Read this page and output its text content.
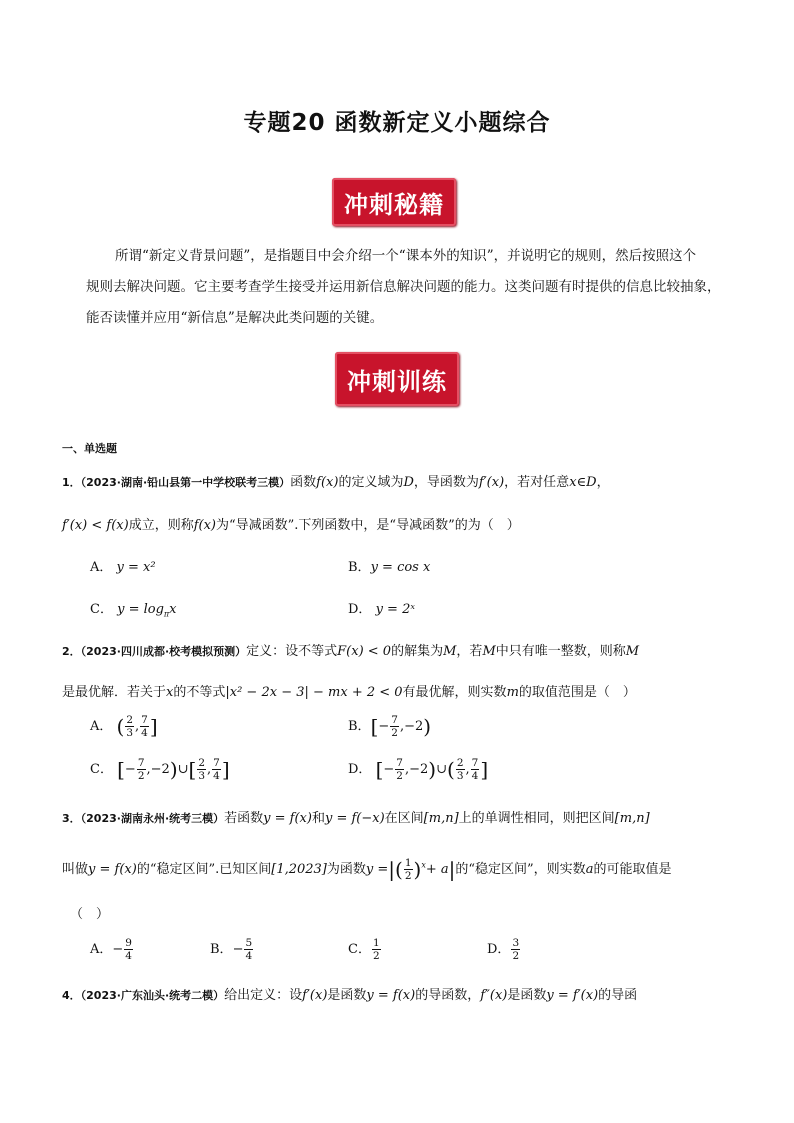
专题20 函数新定义小题综合
冲刺秘籍

所谓“新定义背景问题”，是指题目中会介绍一个“课本外的知识”，并说明它的规则，然后按照这个

规则去解决问题。它主要考查学生接受并运用新信息解决问题的能力。这类问题有时提供的信息比较抽象，

能否读懂并应用“新信息”是解决此类问题的关键。

冲刺训练
一、单选题
1．（2023·湖南·铅山县第一中学校联考三模）函数f(x)的定义域为D，导函数为f′(x)，若对任意x∈D，
f′(x) < f(x)成立，则称f(x)为“导减函数”.下列函数中，是“导减函数”的为（　）
A． y = x²	B．y = cos x
C． $y = \log_\pi x$	D． y = 2ˣ
2．（2023·四川成都·校考模拟预测）定义：设不等式F(x) < 0的解集为M，若M中只有唯一整数，则称M
是最优解．若关于x的不等式|x² − 2x − 3| − mx + 2 < 0有最优解，则实数m的取值范围是（　）
A． ( $\frac{2}{3}$ , $\frac{7}{4}$ ]	B．[− $\frac{7}{2} ,-2$)
C． [− $\frac{7}{2}$ ,−2)∪[ $\frac{2}{3}$ , $\frac{7}{4}$ ]	D． [− $\frac{7}{2}$ ,−2)∪( $\frac{2}{3}$ , $\frac{7}{4}$ ]
3．（2023·湖南永州·统考三模）若函数y = f(x)和y = f(−x)在区间[m,n]上的单调性相同，则把区间[m,n]
叫做y = f(x)的“稳定区间”.已知区间[1,2023]为函数y =|( $\frac{1}{2} )^x+ a|$的“稳定区间”，则实数a的可能取值是
（　）
A．− $\frac{9}{4}$	B．− $\frac{5}{4}$	C． $\frac{1}{2}$	D． $\frac{3}{2}$
4．（2023·广东汕头·统考二模）给出定义：设f′(x)是函数y = f(x)的导函数，f″(x)是函数y = f′(x)的导函
